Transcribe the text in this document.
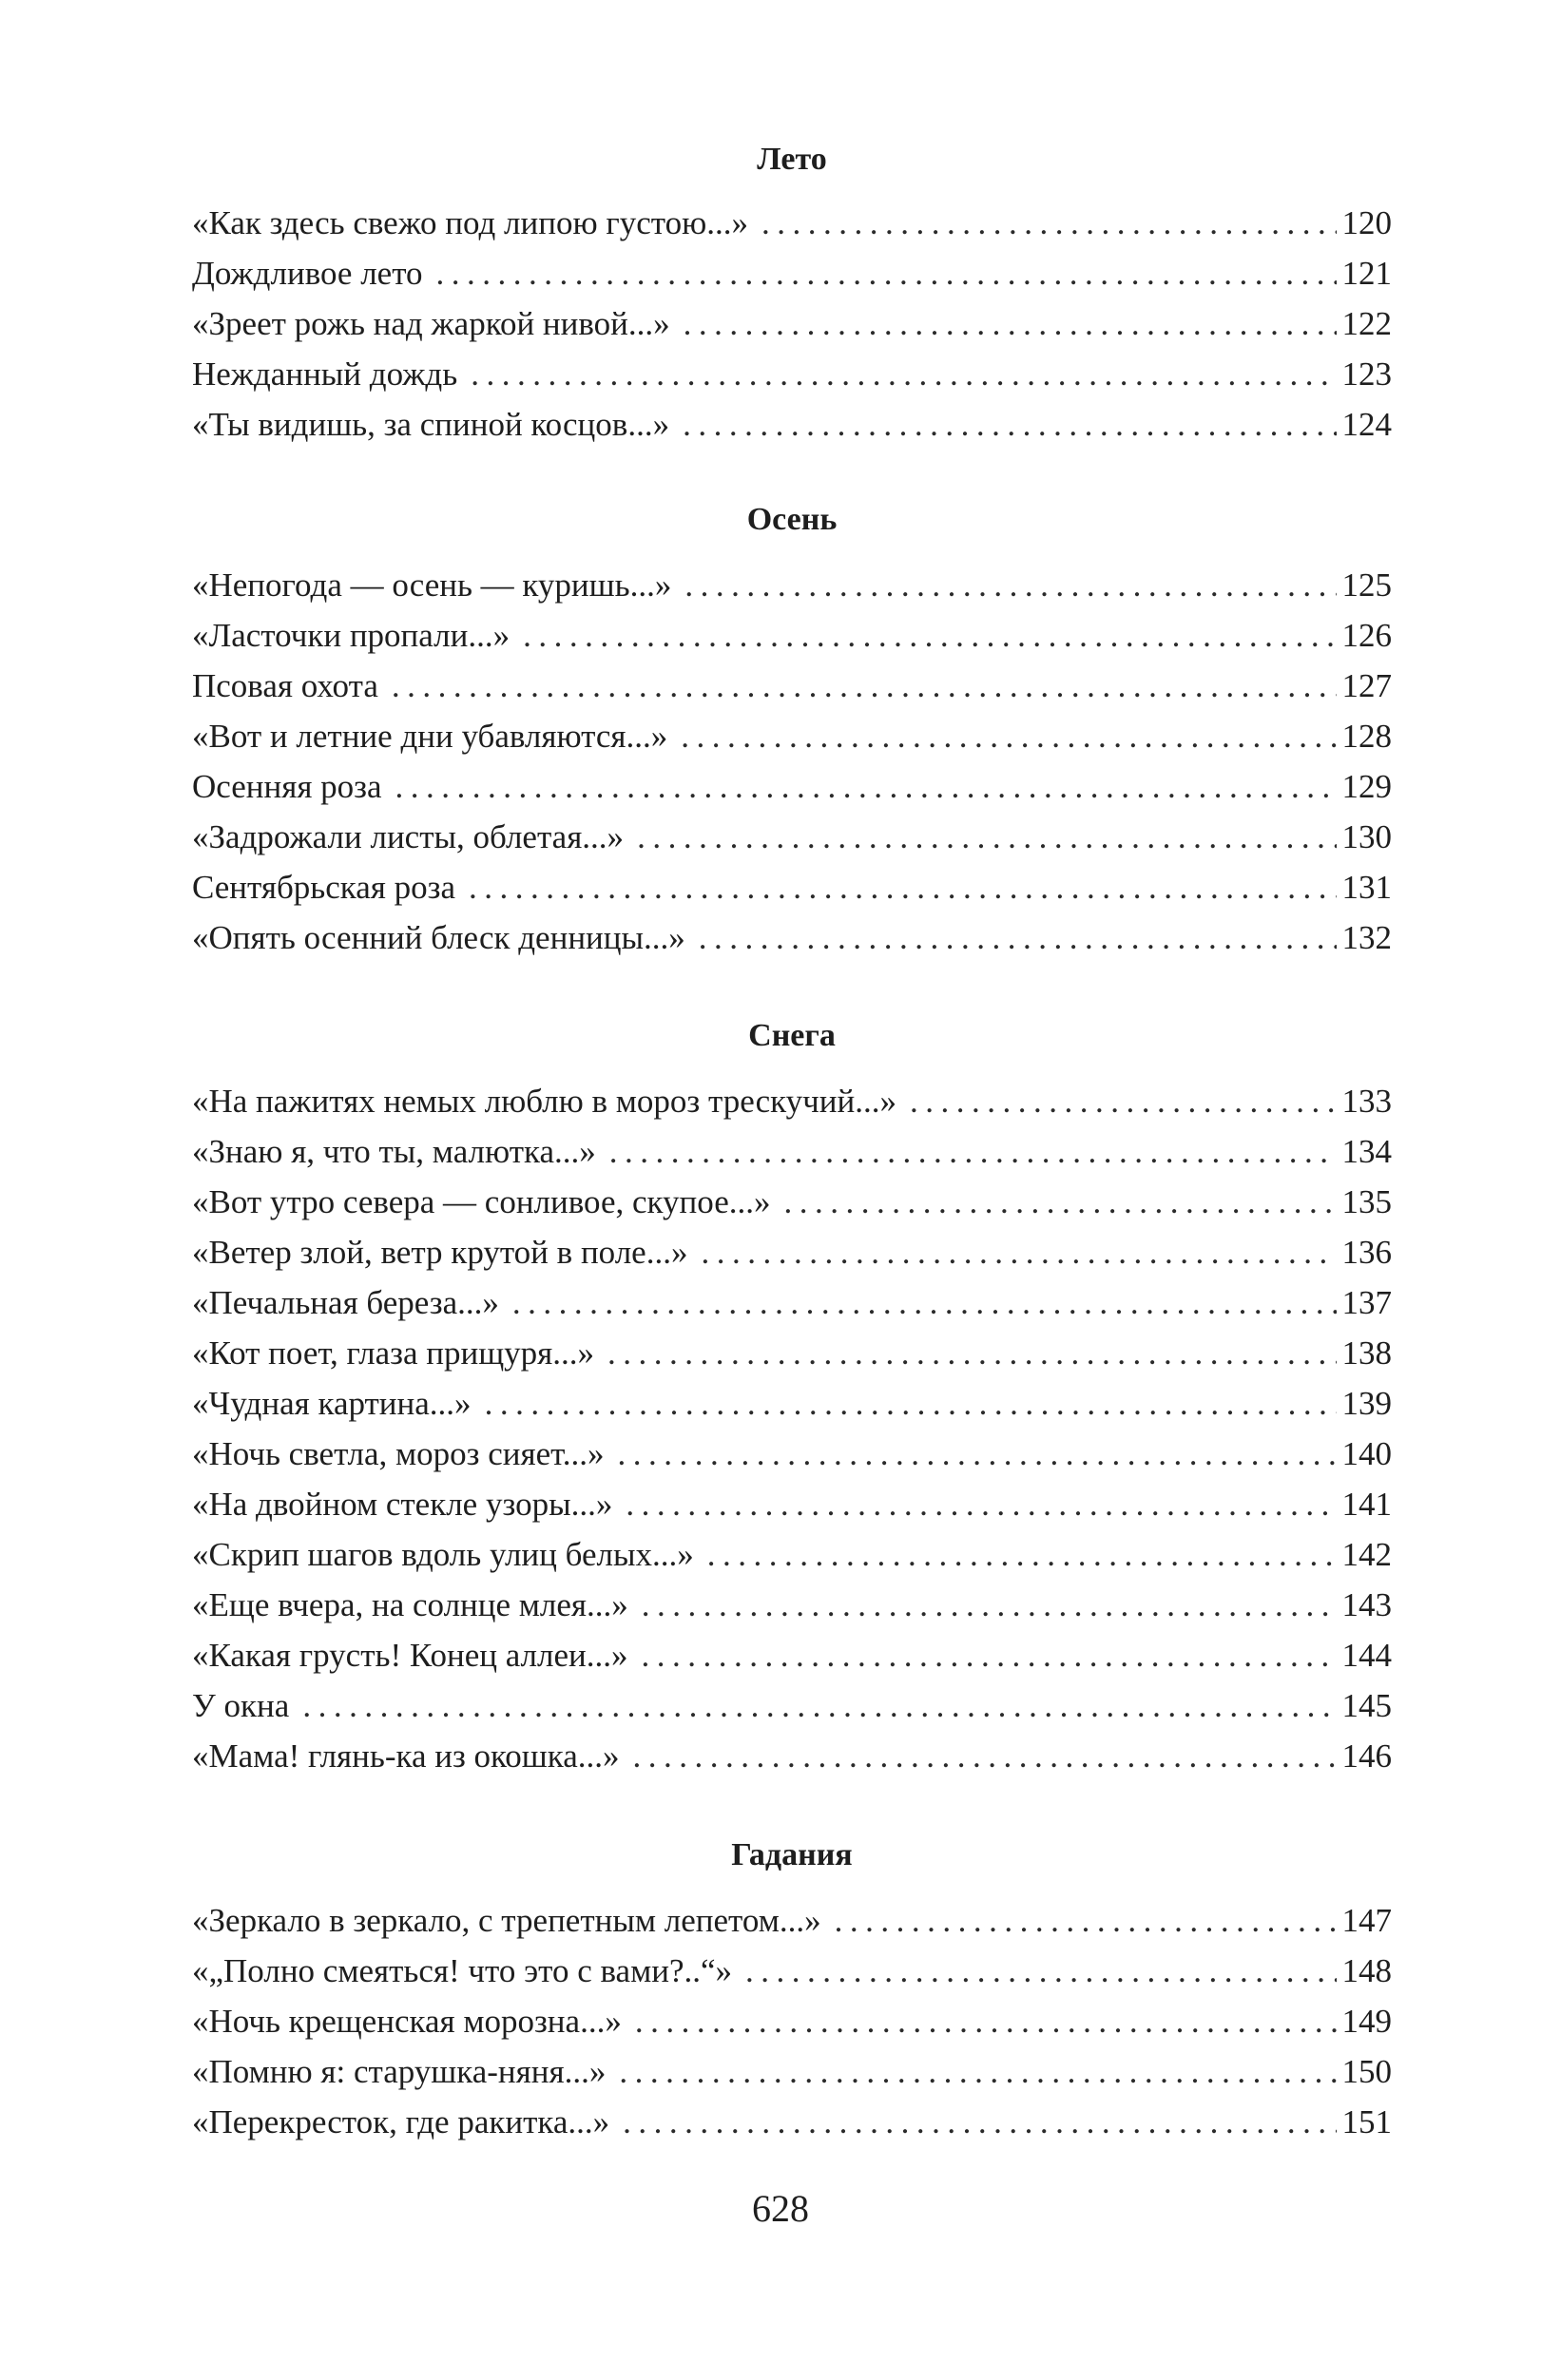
Лето
«Как здесь свежо под липою густою...» .....	120
Дождливое лето .....	121
«Зреет рожь над жаркой нивой...» .....	122
Нежданный дождь .....	123
«Ты видишь, за спиной косцов...» .....	124
Осень
«Непогода — осень — куришь...» .....	125
«Ласточки пропали...» .....	126
Псовая охота .....	127
«Вот и летние дни убавляются...» .....	128
Осенняя роза .....	129
«Задрожали листы, облетая...» .....	130
Сентябрьская роза .....	131
«Опять осенний блеск денницы...» .....	132
Снега
«На пажитях немых люблю в мороз трескучий...» .....	133
«Знаю я, что ты, малютка...» .....	134
«Вот утро севера — сонливое, скупое...» .....	135
«Ветер злой, ветр крутой в поле...» .....	136
«Печальная береза...» .....	137
«Кот поет, глаза прищуря...» .....	138
«Чудная картина...» .....	139
«Ночь светла, мороз сияет...» .....	140
«На двойном стекле узоры...» .....	141
«Скрип шагов вдоль улиц белых...» .....	142
«Еще вчера, на солнце млея...» .....	143
«Какая грусть! Конец аллеи...» .....	144
У окна .....	145
«Мама! глянь-ка из окошка...» .....	146
Гадания
«Зеркало в зеркало, с трепетным лепетом...» .....	147
«„Полно смеяться! что это с вами?..“» .....	148
«Ночь крещенская морозна...» .....	149
«Помню я: старушка-няня...» .....	150
«Перекресток, где ракитка...» .....	151
628
